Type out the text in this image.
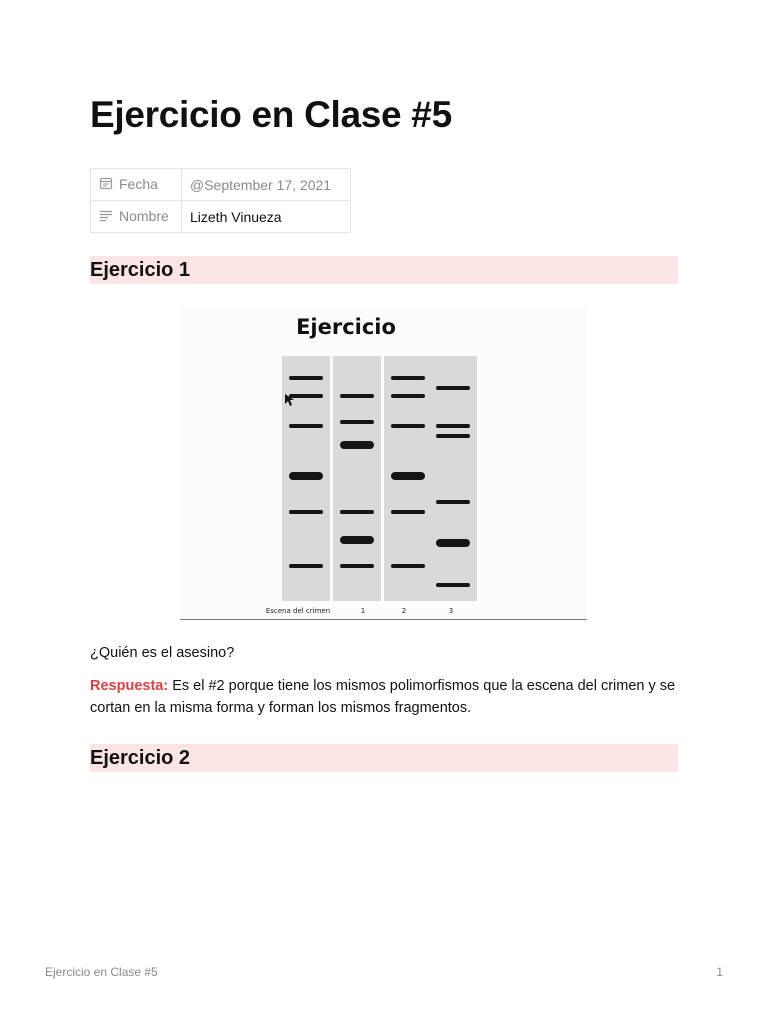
Ejercicio en Clase #5
Fecha	@September 17, 2021
Nombre	Lizeth Vinueza
Ejercicio 1
Ejercicio
Escena del crimen	1	2	3

¿Quién es el asesino?

Respuesta: Es el #2 porque tiene los mismos polimorfismos que la escena del crimen y se cortan en la misma forma y forman los mismos fragmentos.

Ejercicio 2
Ejercicio en Clase #5	1
